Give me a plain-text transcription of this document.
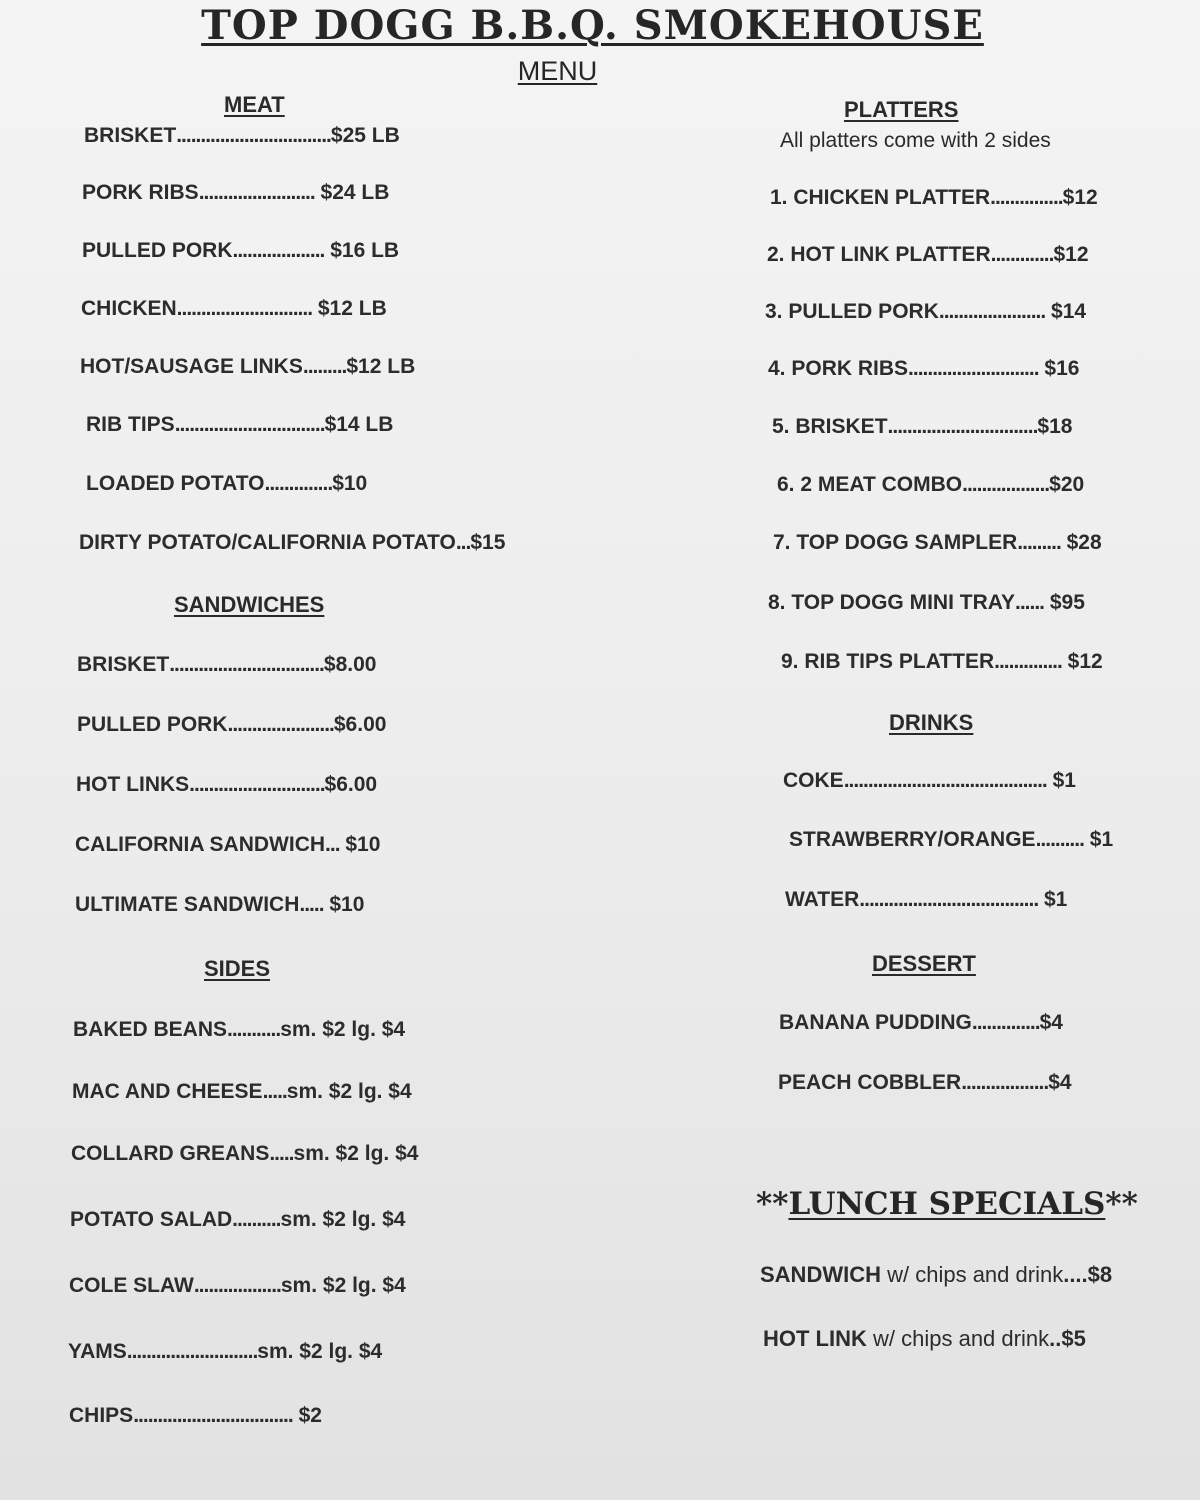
TOP DOGG B.B.Q. SMOKEHOUSE
MENU
MEAT
BRISKET................................$25 LB
PORK RIBS........................ $24 LB
PULLED PORK................... $16 LB
CHICKEN............................ $12 LB
HOT/SAUSAGE LINKS.........$12 LB
RIB TIPS...............................$14 LB
LOADED POTATO..............$10
DIRTY POTATO/CALIFORNIA POTATO...$15
SANDWICHES
BRISKET................................$8.00
PULLED PORK......................$6.00
HOT LINKS............................$6.00
CALIFORNIA SANDWICH... $10
ULTIMATE SANDWICH..... $10
SIDES
BAKED BEANS...........sm. $2 lg. $4
MAC AND CHEESE.....sm. $2 lg. $4
COLLARD GREANS.....sm. $2 lg. $4
POTATO SALAD..........sm. $2 lg. $4
COLE SLAW..................sm. $2 lg. $4
YAMS...........................sm. $2 lg. $4
CHIPS................................. $2
PLATTERS
All platters come with 2 sides
1. CHICKEN PLATTER...............$12
2. HOT LINK PLATTER.............$12
3. PULLED PORK...................... $14
4. PORK RIBS........................... $16
5. BRISKET...............................$18
6. 2 MEAT COMBO..................$20
7. TOP DOGG SAMPLER......... $28
8. TOP DOGG MINI TRAY...... $95
9. RIB TIPS PLATTER.............. $12
DRINKS
COKE.......................................... $1
STRAWBERRY/ORANGE.......... $1
WATER..................................... $1
DESSERT
BANANA PUDDING..............$4
PEACH COBBLER..................$4
**LUNCH SPECIALS**
SANDWICH w/ chips and drink....$8
HOT LINK w/ chips and drink..$5
